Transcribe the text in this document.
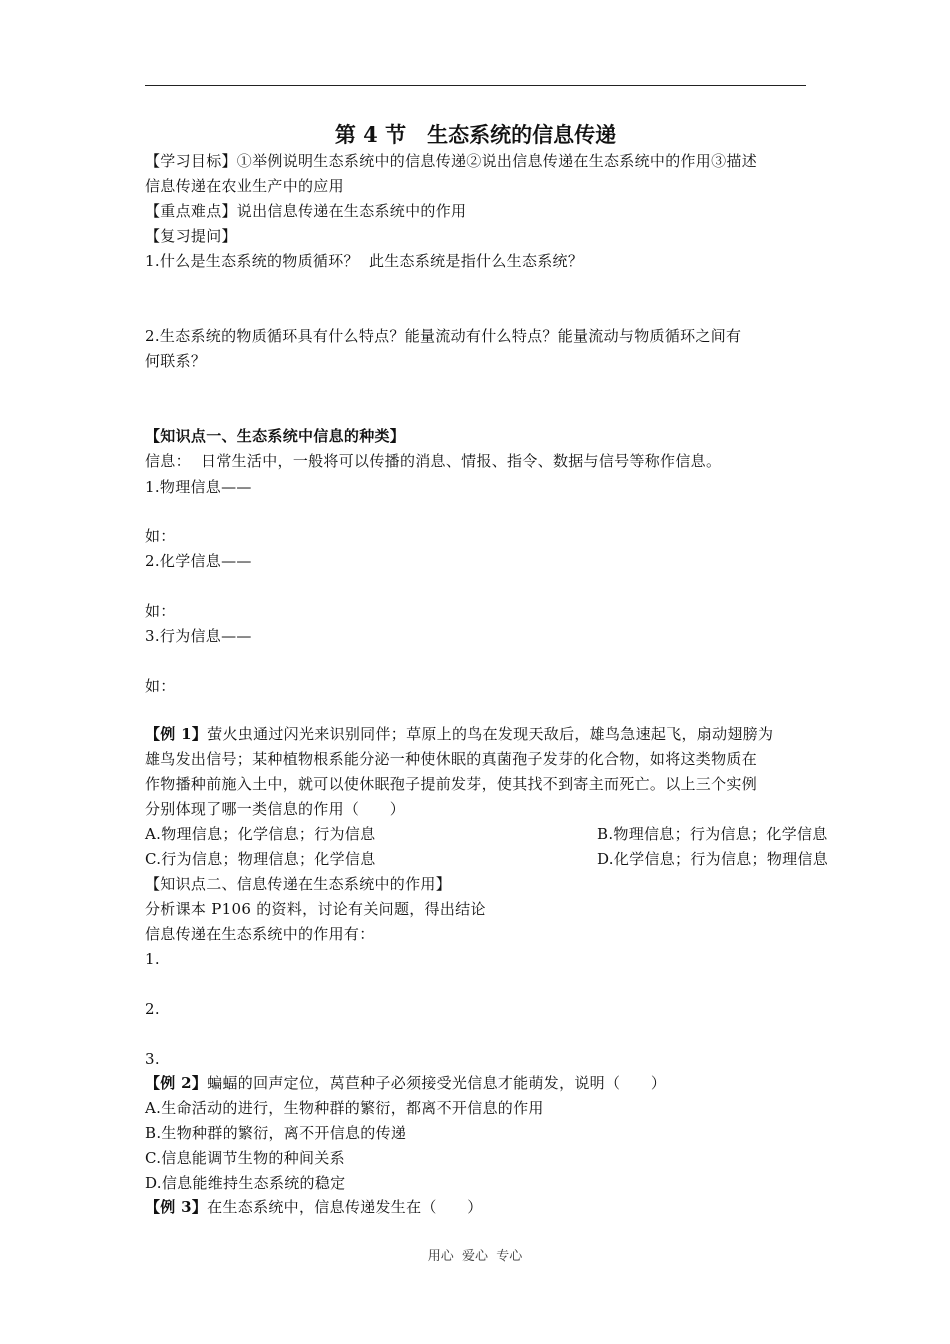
第 4 节　生态系统的信息传递
【学习目标】①举例说明生态系统中的信息传递②说出信息传递在生态系统中的作用③描述
信息传递在农业生产中的应用
【重点难点】说出信息传递在生态系统中的作用
【复习提问】
1.什么是生态系统的物质循环？  此生态系统是指什么生态系统？
2.生态系统的物质循环具有什么特点？能量流动有什么特点？能量流动与物质循环之间有
何联系？
【知识点一、生态系统中信息的种类】
信息：  日常生活中，一般将可以传播的消息、情报、指令、数据与信号等称作信息。
1.物理信息——
如：
2.化学信息——
如：
3.行为信息——
如：
【例 1】萤火虫通过闪光来识别同伴；草原上的鸟在发现天敌后，雄鸟急速起飞，扇动翅膀为
雄鸟发出信号；某种植物根系能分泌一种使休眠的真菌孢子发芽的化合物，如将这类物质在
作物播种前施入土中，就可以使休眠孢子提前发芽，使其找不到寄主而死亡。以上三个实例
分别体现了哪一类信息的作用（　　）
A.物理信息；化学信息；行为信息	B.物理信息；行为信息；化学信息
C.行为信息；物理信息；化学信息	D.化学信息；行为信息；物理信息
【知识点二、信息传递在生态系统中的作用】
分析课本 P106 的资料，讨论有关问题，得出结论
信息传递在生态系统中的作用有：
1.
2.
3.
【例 2】蝙蝠的回声定位，莴苣种子必须接受光信息才能萌发，说明（　　）
A.生命活动的进行，生物种群的繁衍，都离不开信息的作用
B.生物种群的繁衍，离不开信息的传递
C.信息能调节生物的种间关系
D.信息能维持生态系统的稳定
【例 3】在生态系统中，信息传递发生在（　　）
用心  爱心  专心
